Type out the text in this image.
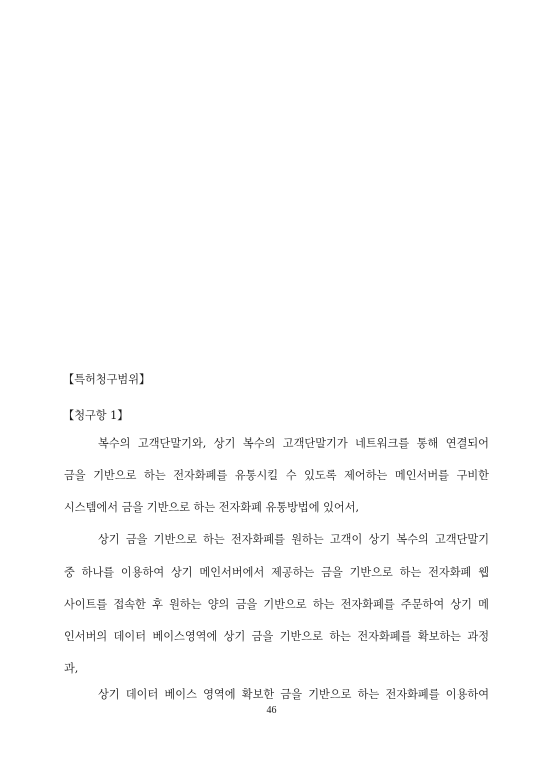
【특허청구범위】
【청구항 1】
복수의 고객단말기와, 상기 복수의 고객단말기가 네트워크를 통해 연결되어
금을 기반으로 하는 전자화폐를 유통시킬 수 있도록 제어하는 메인서버를 구비한
시스템에서 금을 기반으로 하는 전자화폐 유통방법에 있어서,
상기 금을 기반으로 하는 전자화폐를 원하는 고객이 상기 복수의 고객단말기
중 하나를 이용하여 상기 메인서버에서 제공하는 금을 기반으로 하는 전자화폐 웹
사이트를 접속한 후 원하는 양의 금을 기반으로 하는 전자화폐를 주문하여 상기 메
인서버의 데이터 베이스영역에 상기 금을 기반으로 하는 전자화폐를 확보하는 과정
과,
상기 데이터 베이스 영역에 확보한 금을 기반으로 하는 전자화폐를 이용하여
46
